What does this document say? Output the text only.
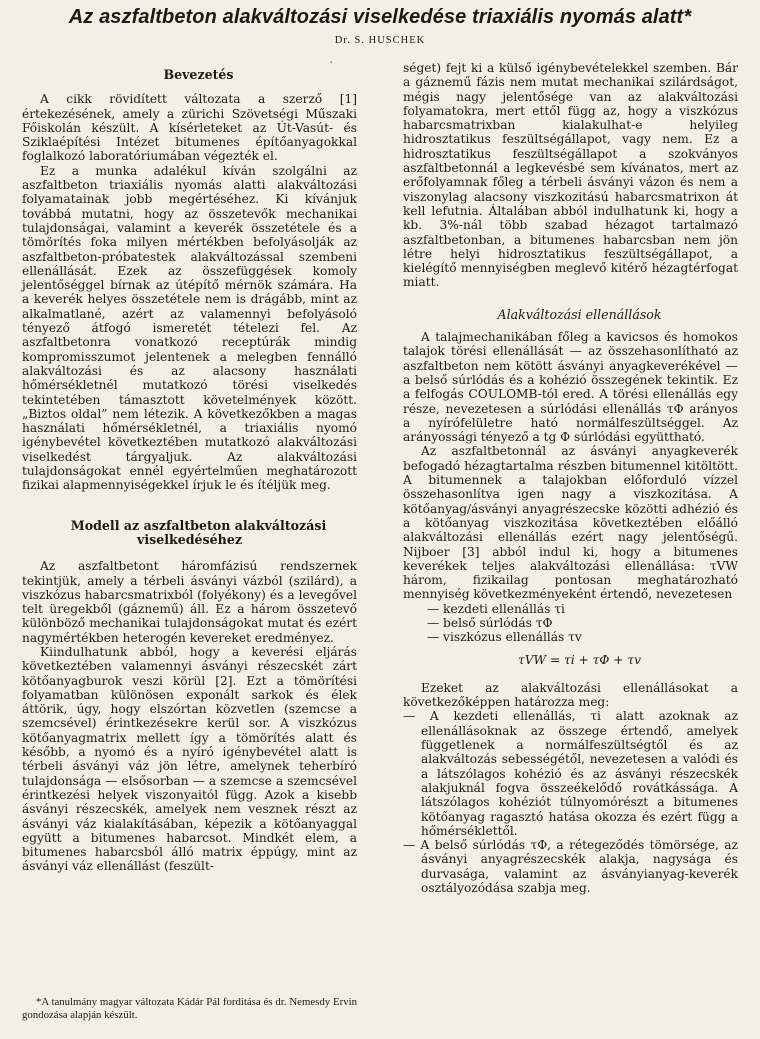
Az aszfaltbeton alakváltozási viselkedése triaxiális nyomás alatt*
Dr. S. HUSCHEK
'

Bevezetés

A cikk rövidített változata a szerző [1] értekezésének, amely a zürichi Szövetségi Műszaki Főiskolán készült. A kísérleteket az Út-Vasút- és Sziklaépítési Intézet bitumenes építőanyagokkal foglalkozó laboratóriumában végezték el.

Ez a munka adalékul kíván szolgálni az aszfaltbeton triaxiális nyomás alatti alakváltozási folyamatainak jobb megértéséhez. Ki kívánjuk továbbá mutatni, hogy az összetevők mechanikai tulajdonságai, valamint a keverék összetétele és a tömörítés foka milyen mértékben befolyásolják az aszfaltbeton-próbatestek alakváltozással szembeni ellenállását. Ezek az összefüggések komoly jelentőséggel bírnak az útépítő mérnök számára. Ha a keverék helyes összetétele nem is drágább, mint az alkalmatlané, azért az valamennyi befolyásoló tényező átfogó ismeretét tételezi fel. Az aszfaltbetonra vonatkozó receptúrák mindig kompromisszumot jelentenek a melegben fennálló alakváltozási és az alacsony használati hőmérsékletnél mutatkozó törési viselkedés tekintetében támasztott követelmények között. „Biztos oldal” nem létezik. A következőkben a magas használati hőmérsékletnél, a triaxiális nyomó igénybevétel következtében mutatkozó alakváltozási viselkedést tárgyaljuk. Az alakváltozási tulajdonságokat ennél egyértelműen meghatározott fizikai alapmennyiségekkel írjuk le és ítéljük meg.

Modell az aszfaltbeton alakváltozási viselkedéséhez

Az aszfaltbetont háromfázisú rendszernek tekintjük, amely a térbeli ásványi vázból (szilárd), a viszkózus habarcsmatrixból (folyékony) és a levegővel telt üregekből (gáznemű) áll. Ez a három összetevő különböző mechanikai tulajdonságokat mutat és ezért nagymértékben heterogén kevereket eredményez.

Kiindulhatunk abból, hogy a keverési eljárás következtében valamennyi ásványi részecskét zárt kötőanyagburok veszi körül [2]. Ezt a tömörítési folyamatban különösen exponált sarkok és élek áttörik, úgy, hogy elszórtan közvetlen (szemcse a szemcsével) érintkezésekre kerül sor. A viszkózus kötőanyagmatrix mellett így a tömörítés alatt és később, a nyomó és a nyíró igénybevétel alatt is térbeli ásványi váz jön létre, amelynek teherbíró tulajdonsága — elsősorban — a szemcse a szemcsével érintkezési helyek viszonyaitól függ. Azok a kisebb ásványi részecskék, amelyek nem vesznek részt az ásványi váz kialakításában, képezik a kötőanyaggal együtt a bitumenes habarcsot. Mindkét elem, a bitumenes habarcsból álló matrix éppúgy, mint az ásványi váz ellenállást (feszült-

séget) fejt ki a külső igénybevételekkel szemben. Bár a gáznemű fázis nem mutat mechanikai szilárdságot, mégis nagy jelentősége van az alakváltozási folyamatokra, mert ettől függ az, hogy a viszkózus habarcsmatrixban kialakulhat-e helyileg hidrosztatikus feszültségállapot, vagy nem. Ez a hidrosztatikus feszültségállapot a szokványos aszfaltbetonnál a legkevésbé sem kívánatos, mert az erőfolyamnak főleg a térbeli ásványi vázon és nem a viszonylag alacsony viszkozitású habarcsmatrixon át kell lefutnia. Általában abból indulhatunk ki, hogy a kb. 3%-nál több szabad hézagot tartalmazó aszfaltbetonban, a bitumenes habarcsban nem jön létre helyi hidrosztatikus feszültségállapot, a kielégítő mennyiségben meglevő kitérő hézagtérfogat miatt.

Alakváltozási ellenállások

A talajmechanikában főleg a kavicsos és homokos talajok törési ellenállását — az összehasonlítható az aszfaltbeton nem kötött ásványi anyagkeverékével — a belső súrlódás és a kohézió összegének tekintik. Ez a felfogás COULOMB-tól ered. A törési ellenállás egy része, nevezetesen a súrlódási ellenállás τΦ arányos a nyírófelületre ható normálfeszültséggel. Az arányossági tényező a tg Φ súrlódási együttható.

Az aszfaltbetonnál az ásványi anyagkeverék befogadó hézagtartalma részben bitumennel kitöltött. A bitumennek a talajokban előforduló vízzel összehasonlítva igen nagy a viszkozitása. A kötőanyag/ásványi anyagrészecske közötti adhézió és a kötőanyag viszkozitása következtében előálló alakváltozási ellenállás ezért nagy jelentőségű. Nijboer [3] abból indul ki, hogy a bitumenes keverékek teljes alakváltozási ellenállása: τVW három, fizikailag pontosan meghatározható mennyiség következményeként értendő, nevezetesen

— kezdeti ellenállás τi
— belső súrlódás τΦ
— viszkózus ellenállás τv

τVW = τi + τΦ + τv

Ezeket az alakváltozási ellenállásokat a következőképpen határozza meg:

— A kezdeti ellenállás, τi alatt azoknak az ellenállásoknak az összege értendő, amelyek függetlenek a normálfeszültségtől és az alakváltozás sebességétől, nevezetesen a valódi és a látszólagos kohézió és az ásványi részecskék alakjuknál fogva összeékelődő rovátkássága. A látszólagos kohéziót túlnyomórészt a bitumenes kötőanyag ragasztó hatása okozza és ezért függ a hőmérséklettől.
— A belső súrlódás τΦ, a rétegeződés tömörsége, az ásványi anyagrészecskék alakja, nagysága és durvasága, valamint az ásványianyag-keverék osztályozódása szabja meg.

*A tanulmány magyar változata Kádár Pál fordítása és dr. Nemesdy Ervin gondozása alapján készült.
